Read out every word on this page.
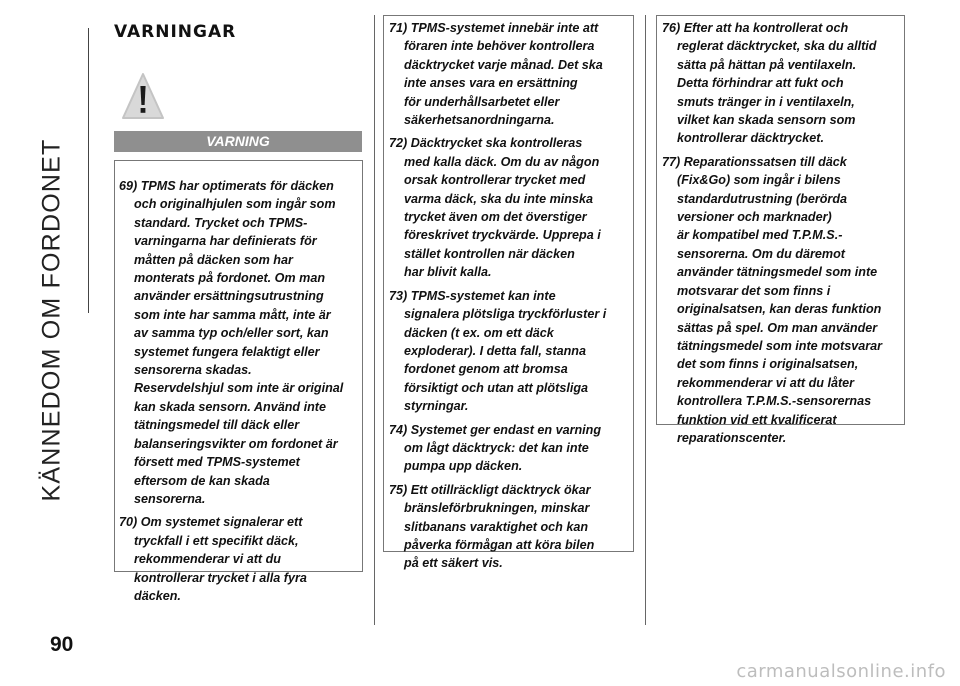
KÄNNEDOM OM FORDONET
VARNINGAR
VARNING

69) TPMS har optimerats för däcken
och originalhjulen som ingår som
standard. Trycket och TPMS-
varningarna har definierats för
måtten på däcken som har
monterats på fordonet. Om man
använder ersättningsutrustning
som inte har samma mått, inte är
av samma typ och/eller sort, kan
systemet fungera felaktigt eller
sensorerna skadas.
Reservdelshjul som inte är original
kan skada sensorn. Använd inte
tätningsmedel till däck eller
balanseringsvikter om fordonet är
försett med TPMS-systemet
eftersom de kan skada
sensorerna.

70) Om systemet signalerar ett
tryckfall i ett specifikt däck,
rekommenderar vi att du
kontrollerar trycket i alla fyra
däcken.

71) TPMS-systemet innebär inte att
föraren inte behöver kontrollera
däcktrycket varje månad. Det ska
inte anses vara en ersättning
för underhållsarbetet eller
säkerhetsanordningarna.

72) Däcktrycket ska kontrolleras
med kalla däck. Om du av någon
orsak kontrollerar trycket med
varma däck, ska du inte minska
trycket även om det överstiger
föreskrivet tryckvärde. Upprepa i
stället kontrollen när däcken
har blivit kalla.

73) TPMS-systemet kan inte
signalera plötsliga tryckförluster i
däcken (t ex. om ett däck
exploderar). I detta fall, stanna
fordonet genom att bromsa
försiktigt och utan att plötsliga
styrningar.

74) Systemet ger endast en varning
om lågt däcktryck: det kan inte
pumpa upp däcken.

75) Ett otillräckligt däcktryck ökar
bränsleförbrukningen, minskar
slitbanans varaktighet och kan
påverka förmågan att köra bilen
på ett säkert vis.

76) Efter att ha kontrollerat och
reglerat däcktrycket, ska du alltid
sätta på hättan på ventilaxeln.
Detta förhindrar att fukt och
smuts tränger in i ventilaxeln,
vilket kan skada sensorn som
kontrollerar däcktrycket.

77) Reparationssatsen till däck
(Fix&Go) som ingår i bilens
standardutrustning (berörda
versioner och marknader)
är kompatibel med T.P.M.S.-
sensorerna. Om du däremot
använder tätningsmedel som inte
motsvarar det som finns i
originalsatsen, kan deras funktion
sättas på spel. Om man använder
tätningsmedel som inte motsvarar
det som finns i originalsatsen,
rekommenderar vi att du låter
kontrollera T.P.M.S.-sensorernas
funktion vid ett kvalificerat
reparationscenter.

90
carmanualsonline.info
